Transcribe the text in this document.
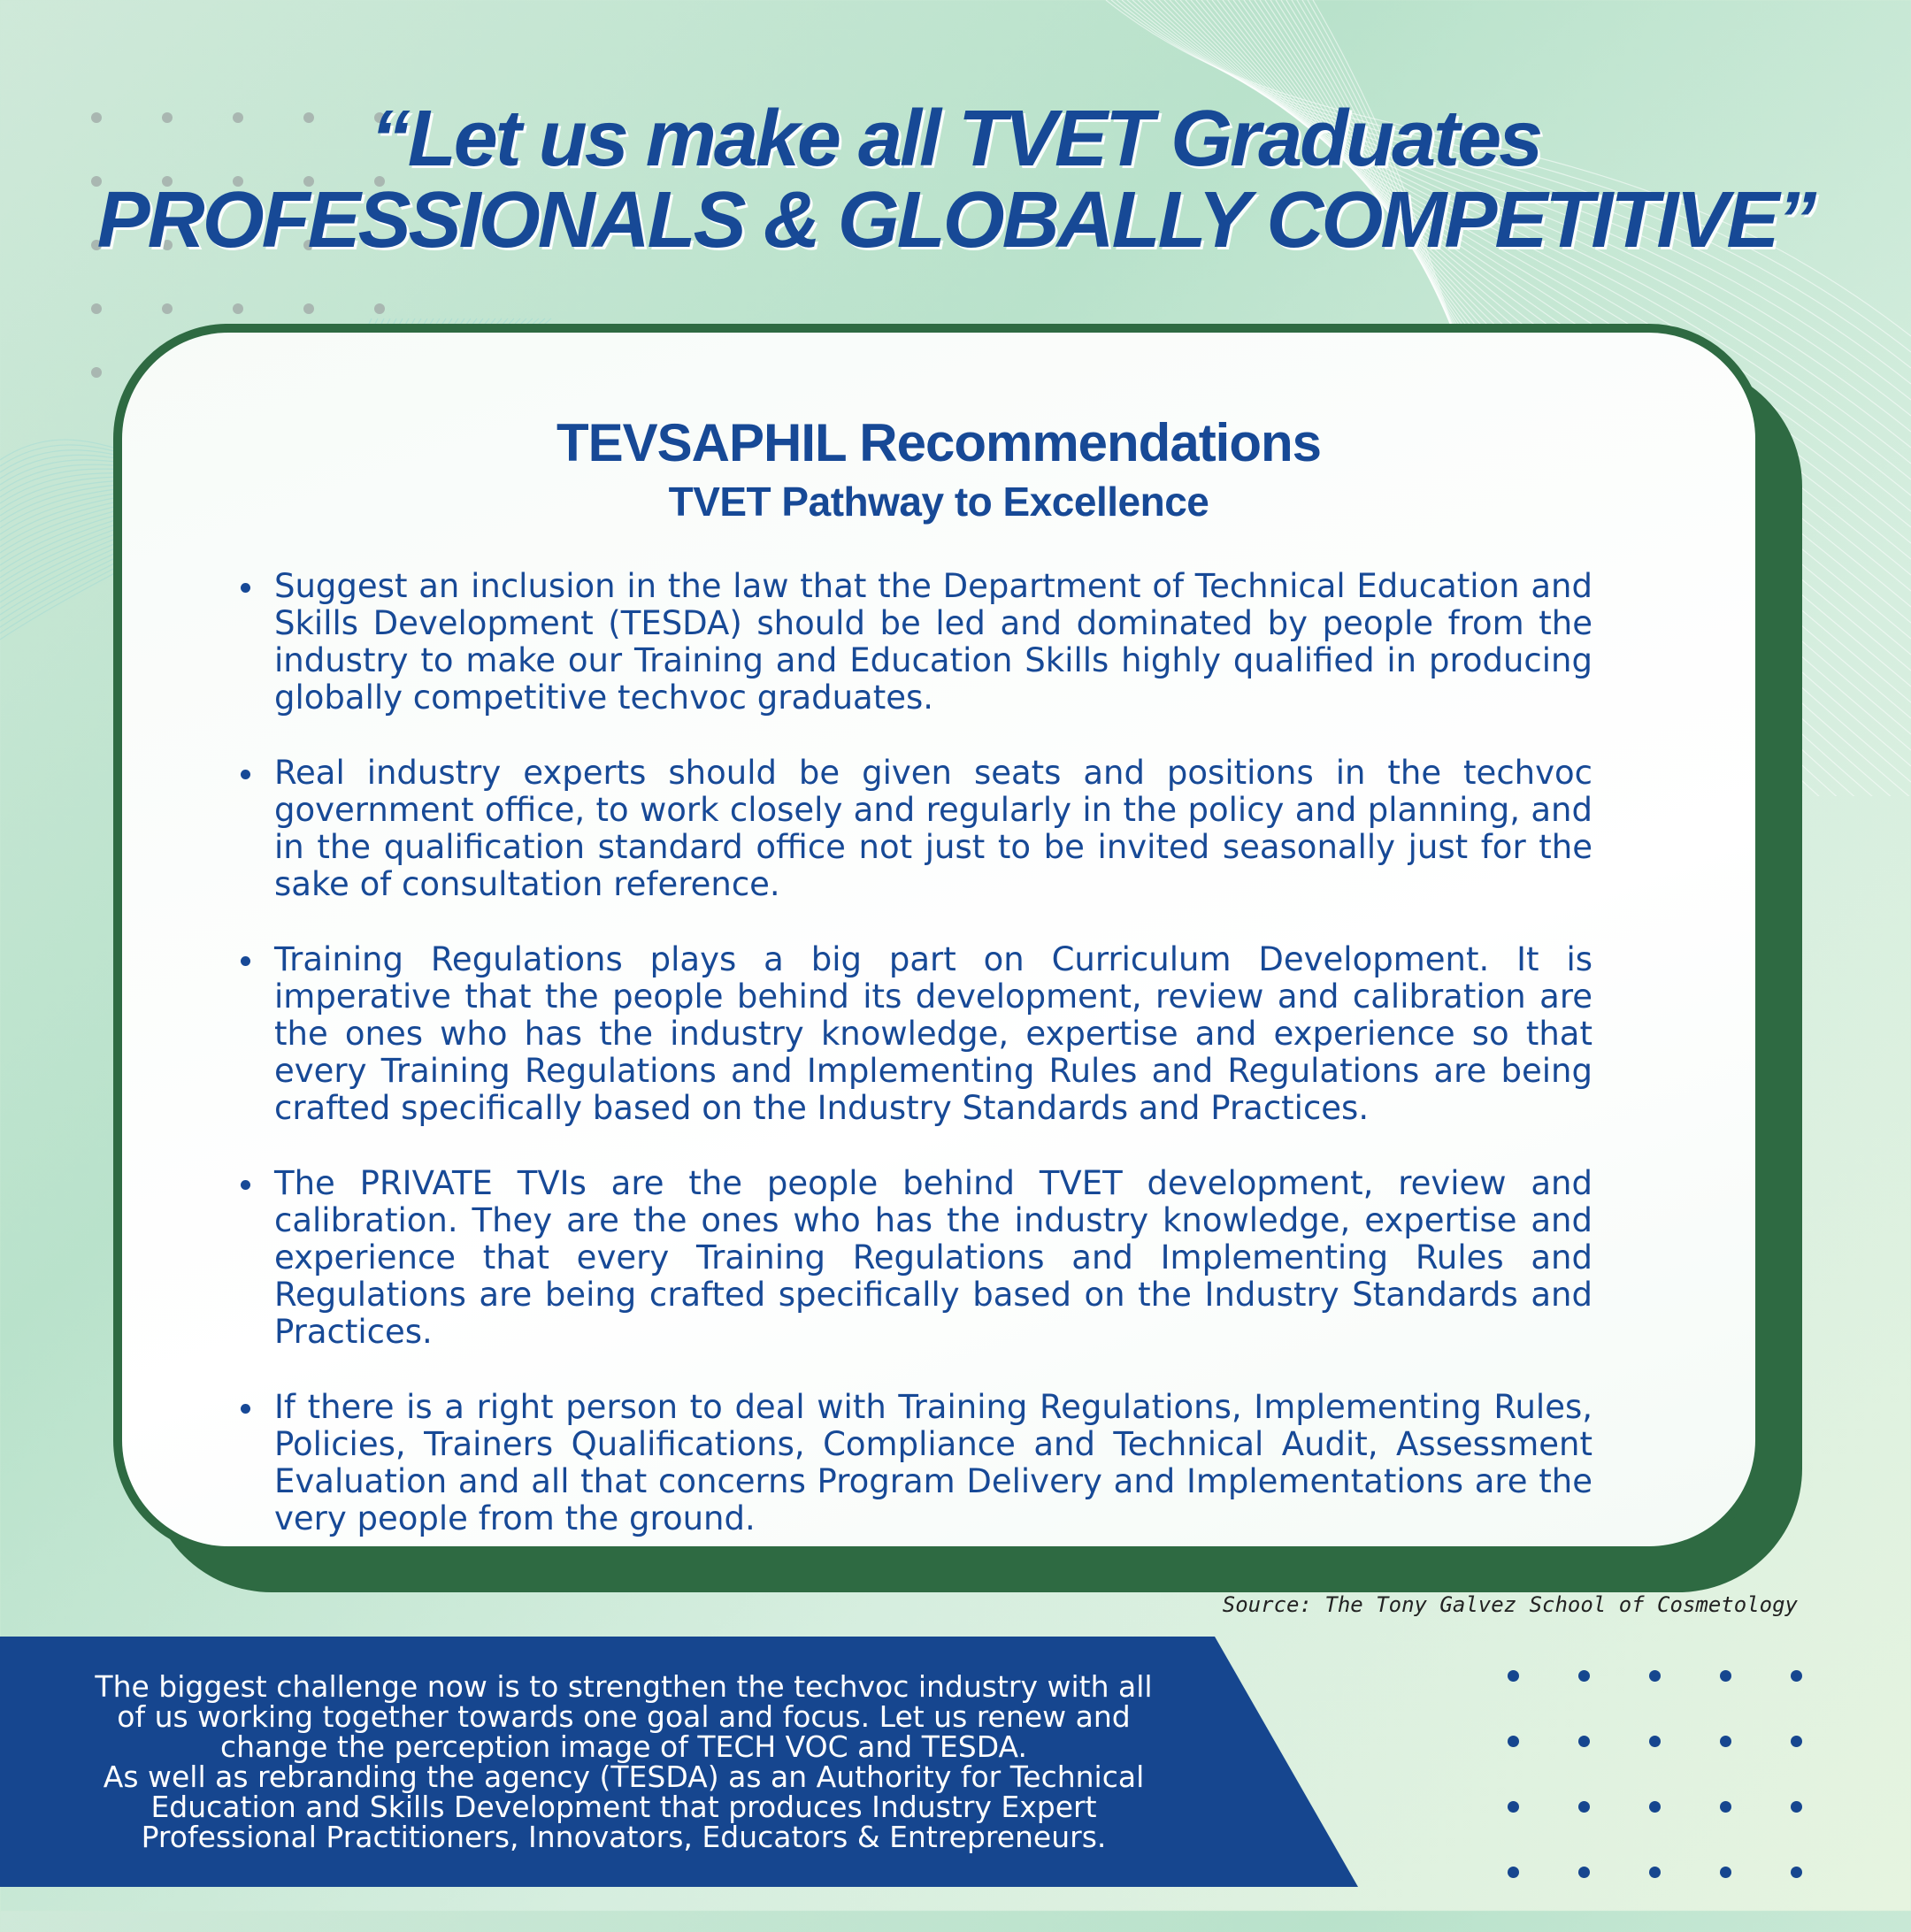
“Let us make all TVET Graduates
PROFESSIONALS & GLOBALLY COMPETITIVE”
TEVSAPHIL Recommendations
TVET Pathway to Excellence
Suggest an inclusion in the law that the Department of Technical Education and Skills Development (TESDA) should be led and dominated by people from the industry to make our Training and Education Skills highly qualified in producing globally competitive techvoc graduates.
Real industry experts should be given seats and positions in the techvoc government office, to work closely and regularly in the policy and planning, and in the qualification standard office not just to be invited seasonally just for the sake of consultation reference.
Training Regulations plays a big part on Curriculum Development. It is imperative that the people behind its development, review and calibration are the ones who has the industry knowledge, expertise and experience so that every Training Regulations and Implementing Rules and Regulations are being crafted specifically based on the Industry Standards and Practices.
The PRIVATE TVIs are the people behind TVET development, review and calibration. They are the ones who has the industry knowledge, expertise and experience that every Training Regulations and Implementing Rules and Regulations are being crafted specifically based on the Industry Standards and Practices.
If there is a right person to deal with Training Regulations, Implementing Rules, Policies, Trainers Qualifications, Compliance and Technical Audit, Assessment Evaluation and all that concerns Program Delivery and Implementations are the very people from the ground.
Source: The Tony Galvez School of Cosmetology
The biggest challenge now is to strengthen the techvoc industry with all
of us working together towards one goal and focus. Let us renew and
change the perception image of TECH VOC and TESDA.
As well as rebranding the agency (TESDA) as an Authority for Technical
Education and Skills Development that produces Industry Expert
Professional Practitioners, Innovators, Educators & Entrepreneurs.
